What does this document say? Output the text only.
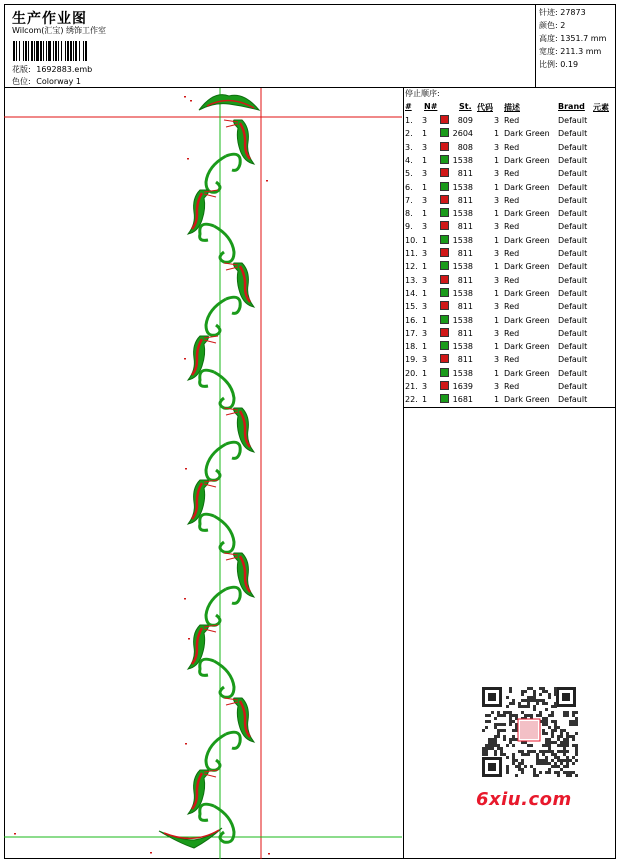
生产作业图
Wilcom(汇宝) 绣饰工作室
花版: 1692883.emb
色位: Colorway 1
针迹: 27873
颜色: 2
高度: 1351.7 mm
宽度: 211.3 mm
比例: 0.19
停止顺序:
# N#	St. 代码 描述	Brand 元素
1. 3	809	3 Red	Default
2. 1	2604	1 Dark Green Default
3. 3	808	3 Red	Default
4. 1	1538	1 Dark Green Default
5. 3	811	3 Red	Default
6. 1	1538	1 Dark Green Default
7. 3	811	3 Red	Default
8. 1	1538	1 Dark Green Default
9. 3	811	3 Red	Default
10. 1	1538	1 Dark Green Default
11. 3	811	3 Red	Default
12. 1	1538	1 Dark Green Default
13. 3	811	3 Red	Default
14. 1	1538	1 Dark Green Default
15. 3	811	3 Red	Default
16. 1	1538	1 Dark Green Default
17. 3	811	3 Red	Default
18. 1	1538	1 Dark Green Default
19. 3	811	3 Red	Default
20. 1	1538	1 Dark Green Default
21. 3	1639	3 Red	Default
22. 1	1681	1 Dark Green Default
6xiu.com
